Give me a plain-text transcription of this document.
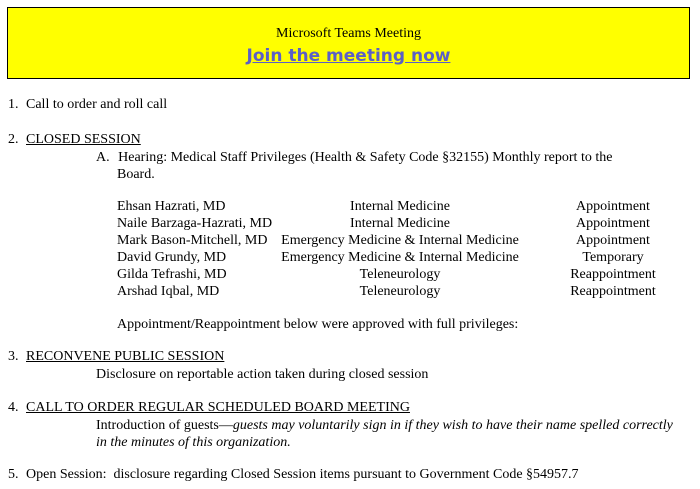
Microsoft Teams Meeting
Join the meeting now
1. Call to order and roll call
2. CLOSED SESSION
A. Hearing: Medical Staff Privileges (Health & Safety Code §32155) Monthly report to the
Board.
Ehsan Hazrati, MD	Internal Medicine	Appointment
Naile Barzaga-Hazrati, MD	Internal Medicine	Appointment
Mark Bason-Mitchell, MD Emergency Medicine & Internal Medicine	Appointment
David Grundy, MD	Emergency Medicine & Internal Medicine	Temporary
Gilda Tefrashi, MD	Teleneurology	Reappointment
Arshad Iqbal, MD	Teleneurology	Reappointment
Appointment/Reappointment below were approved with full privileges:
3. RECONVENE PUBLIC SESSION
Disclosure on reportable action taken during closed session
4. CALL TO ORDER REGULAR SCHEDULED BOARD MEETING
Introduction of guests—guests may voluntarily sign in if they wish to have their name spelled correctly
in the minutes of this organization.
5. Open Session:  disclosure regarding Closed Session items pursuant to Government Code §54957.7
